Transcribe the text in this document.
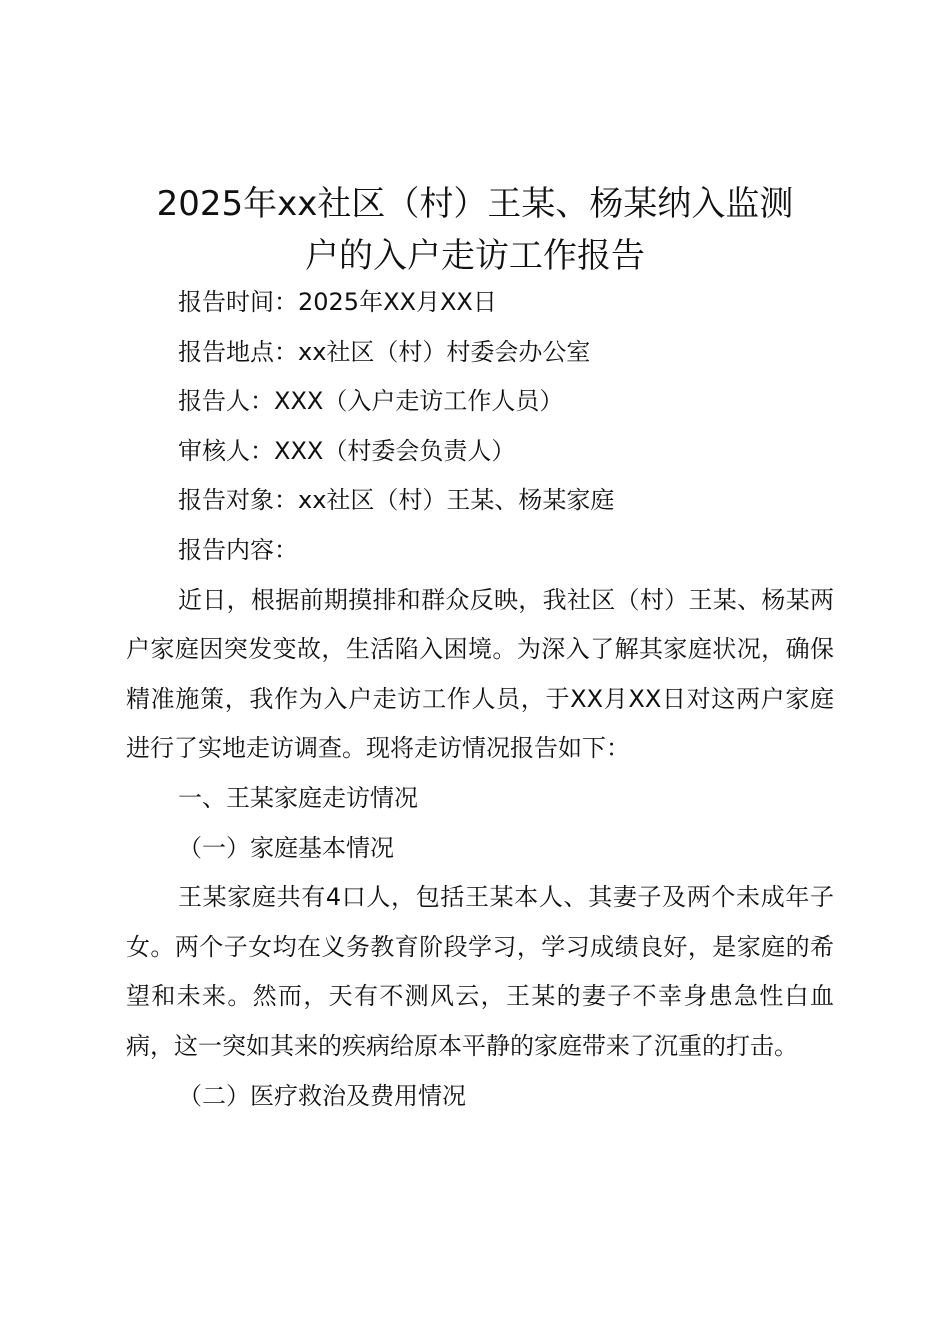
2025年xx社区（村）王某、杨某纳入监测
户的入户走访工作报告

报告时间：2025年XX月XX日

报告地点：xx社区（村）村委会办公室

报告人：XXX（入户走访工作人员）

审核人：XXX（村委会负责人）

报告对象：xx社区（村）王某、杨某家庭

报告内容：

近日，根据前期摸排和群众反映，我社区（村）王某、杨某两户家庭因突发变故，生活陷入困境。为深入了解其家庭状况，确保精准施策，我作为入户走访工作人员，于XX月XX日对这两户家庭进行了实地走访调查。现将走访情况报告如下：

一、王某家庭走访情况

（一）家庭基本情况

王某家庭共有4口人，包括王某本人、其妻子及两个未成年子女。两个子女均在义务教育阶段学习，学习成绩良好，是家庭的希望和未来。然而，天有不测风云，王某的妻子不幸身患急性白血病，这一突如其来的疾病给原本平静的家庭带来了沉重的打击。

（二）医疗救治及费用情况
